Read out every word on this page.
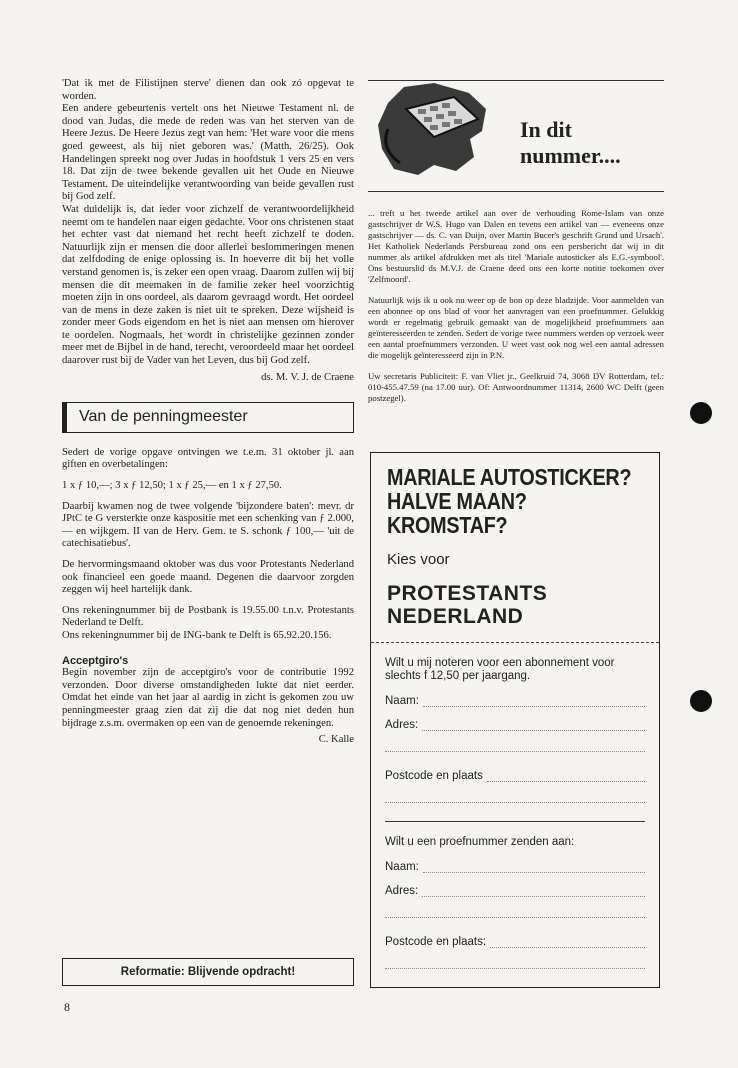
'Dat ik met de Filistijnen sterve' dienen dan ook zó opgevat te worden.

Een andere gebeurtenis vertelt ons het Nieuwe Testament nl. de dood van Judas, die mede de reden was van het sterven van de Heere Jezus. De Heere Jezus zegt van hem: 'Het ware voor die mens goed geweest, als hij niet geboren was.' (Matth. 26/25). Ook Handelingen spreekt nog over Judas in hoofdstuk 1 vers 25 en vers 18. Dat zijn de twee bekende gevallen uit het Oude en Nieuwe Testament. De uiteindelijke verantwoording van beide gevallen rust bij God zelf.

Wat duidelijk is, dat ieder voor zichzelf de verantwoordelijkheid neemt om te handelen naar eigen gedachte. Voor ons christenen staat het echter vast dat niemand het recht heeft zichzelf te doden. Natuurlijk zijn er mensen die door allerlei beslommeringen menen dat zelfdoding de enige oplossing is. In hoeverre dit bij het volle verstand genomen is, is zeker een open vraag. Daarom zullen wij bij mensen die dit meemaken in de familie zeker heel voorzichtig moeten zijn in ons oordeel, als daarom gevraagd wordt. Het oordeel van de mens in deze zaken is niet uit te spreken. Deze wijsheid is zonder meer Gods eigendom en het is niet aan mensen om hierover te oordelen. Nogmaals, het wordt in christelijke gezinnen zonder meer met de Bijbel in de hand, terecht, veroordeeld maar het oordeel daarover rust bij de Vader van het Leven, dus bij God zelf.

ds. M. V. J. de Craene
Van de penningmeester

Sedert de vorige opgave ontvingen we t.e.m. 31 oktober jl. aan giften en overbetalingen:

1 x ƒ 10,—; 3 x ƒ 12,50; 1 x ƒ 25,— en 1 x ƒ 27,50.

Daarbij kwamen nog de twee volgende 'bijzondere baten': mevr. dr JPtC te G versterkte onze kaspositie met een schenking van ƒ 2.000,— en wijkgem. II van de Herv. Gem. te S. schonk ƒ 100,— 'uit de catechisatiebus'.

De hervormingsmaand oktober was dus voor Protestants Nederland ook financieel een goede maand. Degenen die daarvoor zorgden zeggen wij heel hartelijk dank.

Ons rekeningnummer bij de Postbank is 19.55.00 t.n.v. Protestants Nederland te Delft.

Ons rekeningnummer bij de ING-bank te Delft is 65.92.20.156.

Acceptgiro's

Begin november zijn de acceptgiro's voor de contributie 1992 verzonden. Door diverse omstandigheden lukte dat niet eerder. Omdat het einde van het jaar al aardig in zicht is gekomen zou uw penningmeester graag zien dat zij die dat nog niet deden hun bijdrage z.s.m. overmaken op een van de genoemde rekeningen.

C. Kalle
Reformatie: Blijvende opdracht!
8
In dit
nummer....

... treft u het tweede artikel aan over de verhouding Rome-Islam van onze gastschrijver dr W.S. Hugo van Dalen en tevens een artikel van — eveneens onze gastschrijver — ds. C. van Duijn, over Martin Bucer's geschrift Grund und Ursach'. Het Katholiek Nederlands Persbureau zond ons een persbericht dat wij in dit nummer als artikel afdrukken met als titel 'Mariale autosticker als E.G.-symbool'. Ons bestuurslid ds M.V.J. de Craene deed ons een korte notitie toekomen over 'Zelfmoord'.

Natuurlijk wijs ik u ook nu weer op de bon op deze bladzijde. Voor aanmelden van een abonnee op ons blad of voor het aanvragen van een proefnummer. Gelukkig wordt er regelmatig gebruik gemaakt van de mogelijkheid proefnummers aan geïnteresseerden te zenden. Sedert de vorige twee nummers werden op verzoek weer een aantal proefnummers verzonden. U weet vast ook nog wel een aantal adressen die mogelijk geïnteresseerd zijn in P.N.

Uw secretaris Publiciteit: F. van Vliet jr., Geelkruid 74, 3068 DV Rotterdam, tel.: 010-455.47.59 (na 17.00 uur). Of: Antwoordnummer 11314, 2600 WC Delft (geen postzegel).

MARIALE AUTOSTICKER?
HALVE MAAN?
KROMSTAF?
Kies voor
PROTESTANTS
NEDERLAND

Wilt u mij noteren voor een abonnement voor slechts f 12,50 per jaargang.

Naam:
Adres:
Postcode en plaats

Wilt u een proefnummer zenden aan:

Naam:
Adres:
Postcode en plaats:
